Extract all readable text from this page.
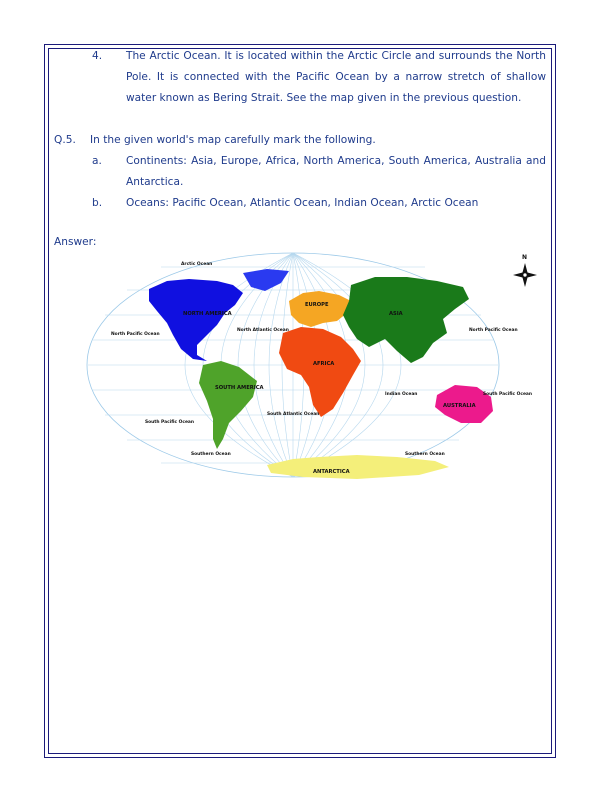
4. The Arctic Ocean. It is located within the Arctic Circle and surrounds the North Pole. It is connected with the Pacific Ocean by a narrow stretch of shallow water known as Bering Strait. See the map given in the previous question.
Q.5. In the given world's map carefully mark the following.
a. Continents: Asia, Europe, Africa, North America, South America, Australia and Antarctica.
b. Oceans: Pacific Ocean, Atlantic Ocean, Indian Ocean, Arctic Ocean
Answer:
NORTH AMERICA
SOUTH AMERICA
EUROPE
ASIA
AFRICA
AUSTRALIA
ANTARCTICA
Arctic Ocean
North Pacific Ocean
North Atlantic Ocean	North Pacific Ocean
South Pacific Ocean
South Atlantic Ocean
Indian Ocean
Southern Ocean	Southern Ocean
South Pacific Ocean
N
